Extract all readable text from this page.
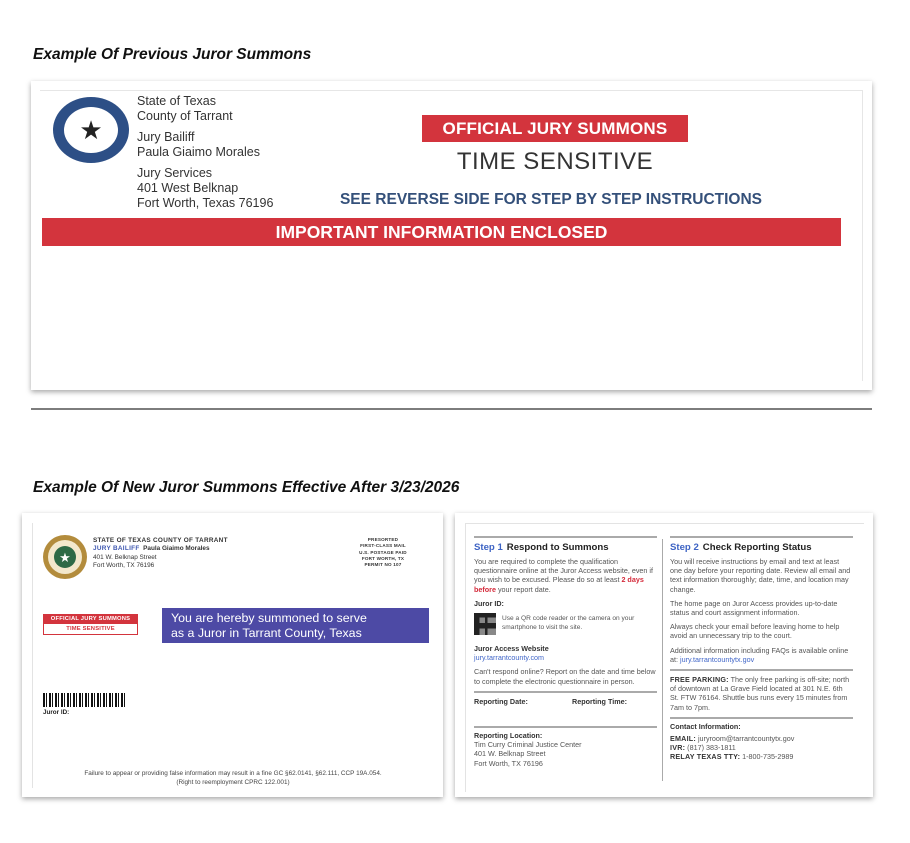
Example Of Previous Juror Summons
★
State of Texas
County of Tarrant
Jury Bailiff
Paula Giaimo Morales
Jury Services
401 West Belknap
Fort Worth, Texas 76196
OFFICIAL JURY SUMMONS
TIME SENSITIVE
SEE REVERSE SIDE FOR STEP BY STEP INSTRUCTIONS
IMPORTANT INFORMATION ENCLOSED
Example Of New Juror Summons Effective After 3/23/2026
★
STATE OF TEXAS COUNTY OF TARRANT
JURY BAILIFF Paula Giaimo Morales
401 W. Belknap Street
Fort Worth, TX 76196
PRESORTED
FIRST-CLASS MAIL
U.S. POSTAGE PAID
FORT WORTH, TX
PERMIT NO 107
OFFICIAL JURY SUMMONS
TIME SENSITIVE
You are hereby summoned to serve
as a Juror in Tarrant County, Texas
Juror ID:
Failure to appear or providing false information may result in a fine GC §62.0141, §62.111, CCP 19A.054.
(Right to reemployment CPRC 122.001)
Step 1 Respond to Summons
You are required to complete the qualification questionnaire online at the Juror Access website, even if you wish to be excused. Please do so at least 2 days before your report date.
Juror ID:
Use a QR code reader or the camera on your smartphone to visit the site.
Juror Access Website
jury.tarrantcounty.com
Can't respond online? Report on the date and time below to complete the electronic questionnaire in person.
Reporting Date:	Reporting Time:
Reporting Location:
Tim Curry Criminal Justice Center
401 W. Belknap Street
Fort Worth, TX 76196
Step 2 Check Reporting Status
You will receive instructions by email and text at least one day before your reporting date. Review all email and text information thoroughly; date, time, and location may change.
The home page on Juror Access provides up-to-date status and court assignment information.
Always check your email before leaving home to help avoid an unnecessary trip to the court.
Additional information including FAQs is available online at: jury.tarrantcountytx.gov
FREE PARKING: The only free parking is off-site; north of downtown at La Grave Field located at 301 N.E. 6th St. FTW 76164. Shuttle bus runs every 15 minutes from 7am to 7pm.
Contact Information:
EMAIL: juryroom@tarrantcountytx.gov
IVR: (817) 383-1811
RELAY TEXAS TTY: 1-800-735-2989
